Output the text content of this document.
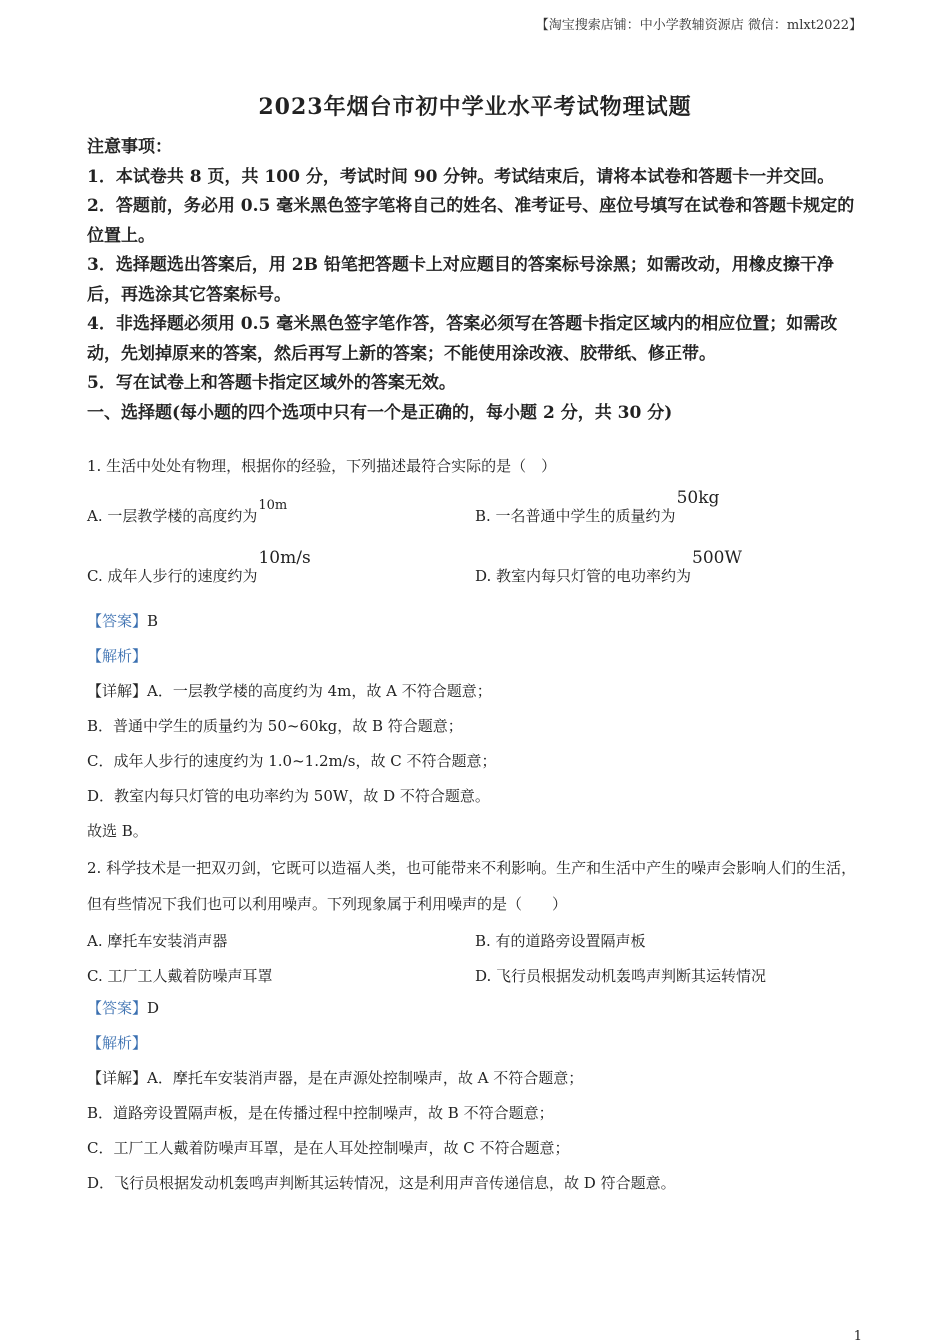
【淘宝搜索店铺：中小学教辅资源店 微信：mlxt2022】
2023年烟台市初中学业水平考试物理试题
注意事项：
1．本试卷共 8 页，共 100 分，考试时间 90 分钟。考试结束后，请将本试卷和答题卡一并交回。
2．答题前，务必用 0.5 毫米黑色签字笔将自己的姓名、准考证号、座位号填写在试卷和答题卡规定的位置上。
3．选择题选出答案后，用 2B 铅笔把答题卡上对应题目的答案标号涂黑；如需改动，用橡皮擦干净后，再选涂其它答案标号。
4．非选择题必须用 0.5 毫米黑色签字笔作答，答案必须写在答题卡指定区域内的相应位置；如需改动，先划掉原来的答案，然后再写上新的答案；不能使用涂改液、胶带纸、修正带。
5．写在试卷上和答题卡指定区域外的答案无效。
一、选择题(每小题的四个选项中只有一个是正确的，每小题 2 分，共 30 分)
1. 生活中处处有物理，根据你的经验，下列描述最符合实际的是（　）
A. 一层教学楼的高度约为10m
B. 一名普通中学生的质量约为50kg
C. 成年人步行的速度约为10m/s
D. 教室内每只灯管的电功率约为500W

【答案】B

【解析】

【详解】A．一层教学楼的高度约为 4m，故 A 不符合题意；

B．普通中学生的质量约为 50~60kg，故 B 符合题意；

C．成年人步行的速度约为 1.0~1.2m/s，故 C 不符合题意；

D．教室内每只灯管的电功率约为 50W，故 D 不符合题意。

故选 B。

2. 科学技术是一把双刃剑，它既可以造福人类，也可能带来不利影响。生产和生活中产生的噪声会影响人们的生活，但有些情况下我们也可以利用噪声。下列现象属于利用噪声的是（　　）
A. 摩托车安装消声器	B. 有的道路旁设置隔声板
C. 工厂工人戴着防噪声耳罩	D. 飞行员根据发动机轰鸣声判断其运转情况

【答案】D

【解析】

【详解】A．摩托车安装消声器，是在声源处控制噪声，故 A 不符合题意；

B．道路旁设置隔声板，是在传播过程中控制噪声，故 B 不符合题意；

C．工厂工人戴着防噪声耳罩，是在人耳处控制噪声，故 C 不符合题意；

D．飞行员根据发动机轰鸣声判断其运转情况，这是利用声音传递信息，故 D 符合题意。

1
